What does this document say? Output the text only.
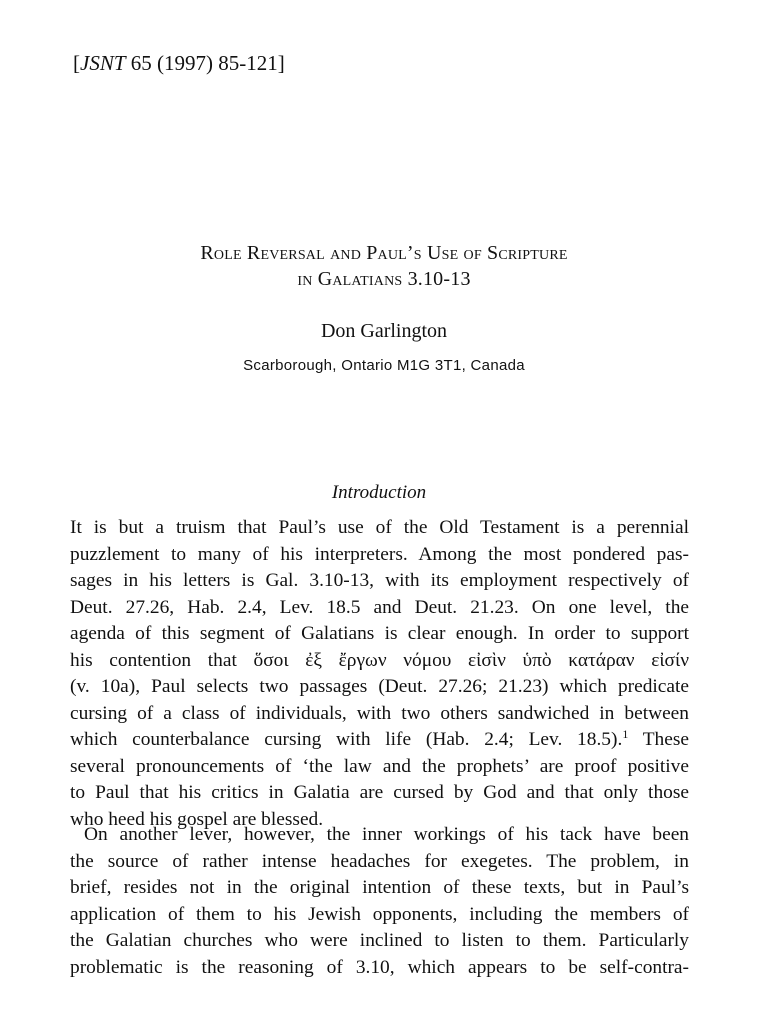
[JSNT 65 (1997) 85-121]
Role Reversal and Paul’s Use of Scripture
in Galatians 3.10-13
Don Garlington
Scarborough, Ontario M1G 3T1, Canada
Introduction
It is but a truism that Paul’s use of the Old Testament is a perennial
puzzlement to many of his interpreters. Among the most pondered pas-
sages in his letters is Gal. 3.10-13, with its employment respectively of
Deut. 27.26, Hab. 2.4, Lev. 18.5 and Deut. 21.23. On one level, the
agenda of this segment of Galatians is clear enough. In order to support
his contention that ὅσοι ἐξ ἔργων νόμου εἰσὶν ὑπὸ κατάραν εἰσίν
(v. 10a), Paul selects two passages (Deut. 27.26; 21.23) which predicate
cursing of a class of individuals, with two others sandwiched in between
which counterbalance cursing with life (Hab. 2.4; Lev. 18.5).$^1$ These
several pronouncements of ‘the law and the prophets’ are proof positive
to Paul that his critics in Galatia are cursed by God and that only those
who heed his gospel are blessed.
On another lever, however, the inner workings of his tack have been
the source of rather intense headaches for exegetes. The problem, in
brief, resides not in the original intention of these texts, but in Paul’s
application of them to his Jewish opponents, including the members of
the Galatian churches who were inclined to listen to them. Particularly
problematic is the reasoning of 3.10, which appears to be self-contra-
